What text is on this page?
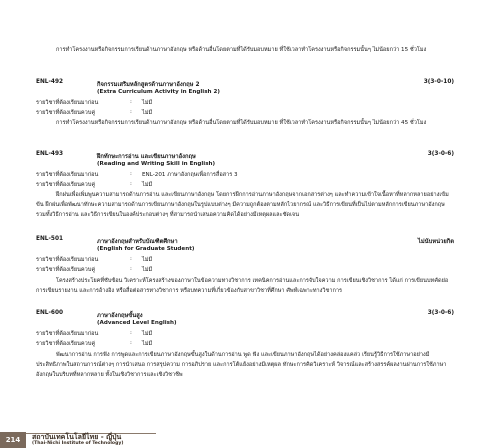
การทำโครงงานหรือกิจกรรมการเรียนด้านภาษาอังกฤษ หรือด้านอื่นโดยตามที่ได้รับมอบหมาย ที่ใช้เวลาทำโครงงานหรือกิจกรรมนั้นๆ ไม่น้อยกว่า 15 ชั่วโมง
ENL-492	กิจกรรมเสริมหลักสูตรด้านภาษาอังกฤษ 2	3(3-0-10)
(Extra Curriculum Activity in English 2)
รายวิชาที่ต้องเรียนมาก่อน	: ไม่มี
รายวิชาที่ต้องเรียนควบคู่	: ไม่มี
การทำโครงงานหรือกิจกรรมการเรียนด้านภาษาอังกฤษ หรือด้านอื่นโดยตามที่ได้รับมอบหมาย ที่ใช้เวลาทำโครงงานหรือกิจกรรมนั้นๆ ไม่น้อยกว่า 45 ชั่วโมง
ENL-493	ฝึกทักษะการอ่าน และเขียนภาษาอังกฤษ	3(3-0-6)
(Reading and Writing Skill in English)
รายวิชาที่ต้องเรียนมาก่อน	: ENL-201 ภาษาอังกฤษเพื่อการสื่อสาร 3
รายวิชาที่ต้องเรียนควบคู่	: ไม่มี
ฝึกฝนเพื่อเพิ่มพูนความสามารถด้านการอ่าน และเขียนภาษาอังกฤษ โดยการฝึกการอ่านภาษาอังกฤษจากเอกสารต่างๆ และทำความเข้าใจเนื้อหาที่หลากหลายอย่างเข้มข้น ฝึกฝนเพื่อพัฒนาทักษะความสามารถด้านการเขียนภาษาอังกฤษในรูปแบบต่างๆ มีความถูกต้องตามหลักไวยากรณ์ และวิธีการเขียนที่เป็นไปตามหลักการเขียนภาษาอังกฤษ รวมทั้งวิธีการอ่าน และวิธีการเขียนในองค์ประกอบต่างๆ ที่สามารถนำเสนอความคิดได้อย่างมีเหตุผลและชัดเจน
ENL-501	ภาษาอังกฤษสำหรับบัณฑิตศึกษา	ไม่นับหน่วยกิต
(English for Graduate Student)
รายวิชาที่ต้องเรียนมาก่อน	: ไม่มี
รายวิชาที่ต้องเรียนควบคู่	: ไม่มี
โครงสร้างประโยคที่ซับซ้อน วิเคราะห์โครงสร้างของภาษาในข้อความทางวิชาการ เทคนิคการอ่านและการจับใจความ การเขียนเชิงวิชาการ ได้แก่ การเขียนบทคัดย่อ การเขียนรายงาน และการอ้างอิง หรือสื่อต่อสารทางวิชาการ หรือบทความที่เกี่ยวข้องกับสาขาวิชาที่ศึกษา ศัพท์เฉพาะทางวิชาการ
ENL-600	ภาษาอังกฤษขั้นสูง	3(3-0-6)
(Advanced Level English)
รายวิชาที่ต้องเรียนมาก่อน	: ไม่มี
รายวิชาที่ต้องเรียนควบคู่	: ไม่มี
พัฒนาการอ่าน การฟัง การพูดและการเขียนภาษาอังกฤษขั้นสูงในด้านการอ่าน พูด ฟัง และเขียนภาษาอังกฤษได้อย่างคล่องแคล่ว เรียนรู้วิธีการใช้ภาษาอย่างมีประสิทธิภาพในสถานการณ์ต่างๆ การนำเสนอ การสรุปความ การอภิปราย และการโต้แย้งอย่างมีเหตุผล ทักษะการคิดวิเคราะห์ วิจารณ์และสร้างสรรค์ผลงานผ่านการใช้ภาษาอังกฤษในบริบทที่หลากหลาย ทั้งในเชิงวิชาการและเชิงวิชาชีพ
214	สถาบันเทคโนโลยีไทย - ญี่ปุ่น
(Thai-Nichi Institute of Technology)
